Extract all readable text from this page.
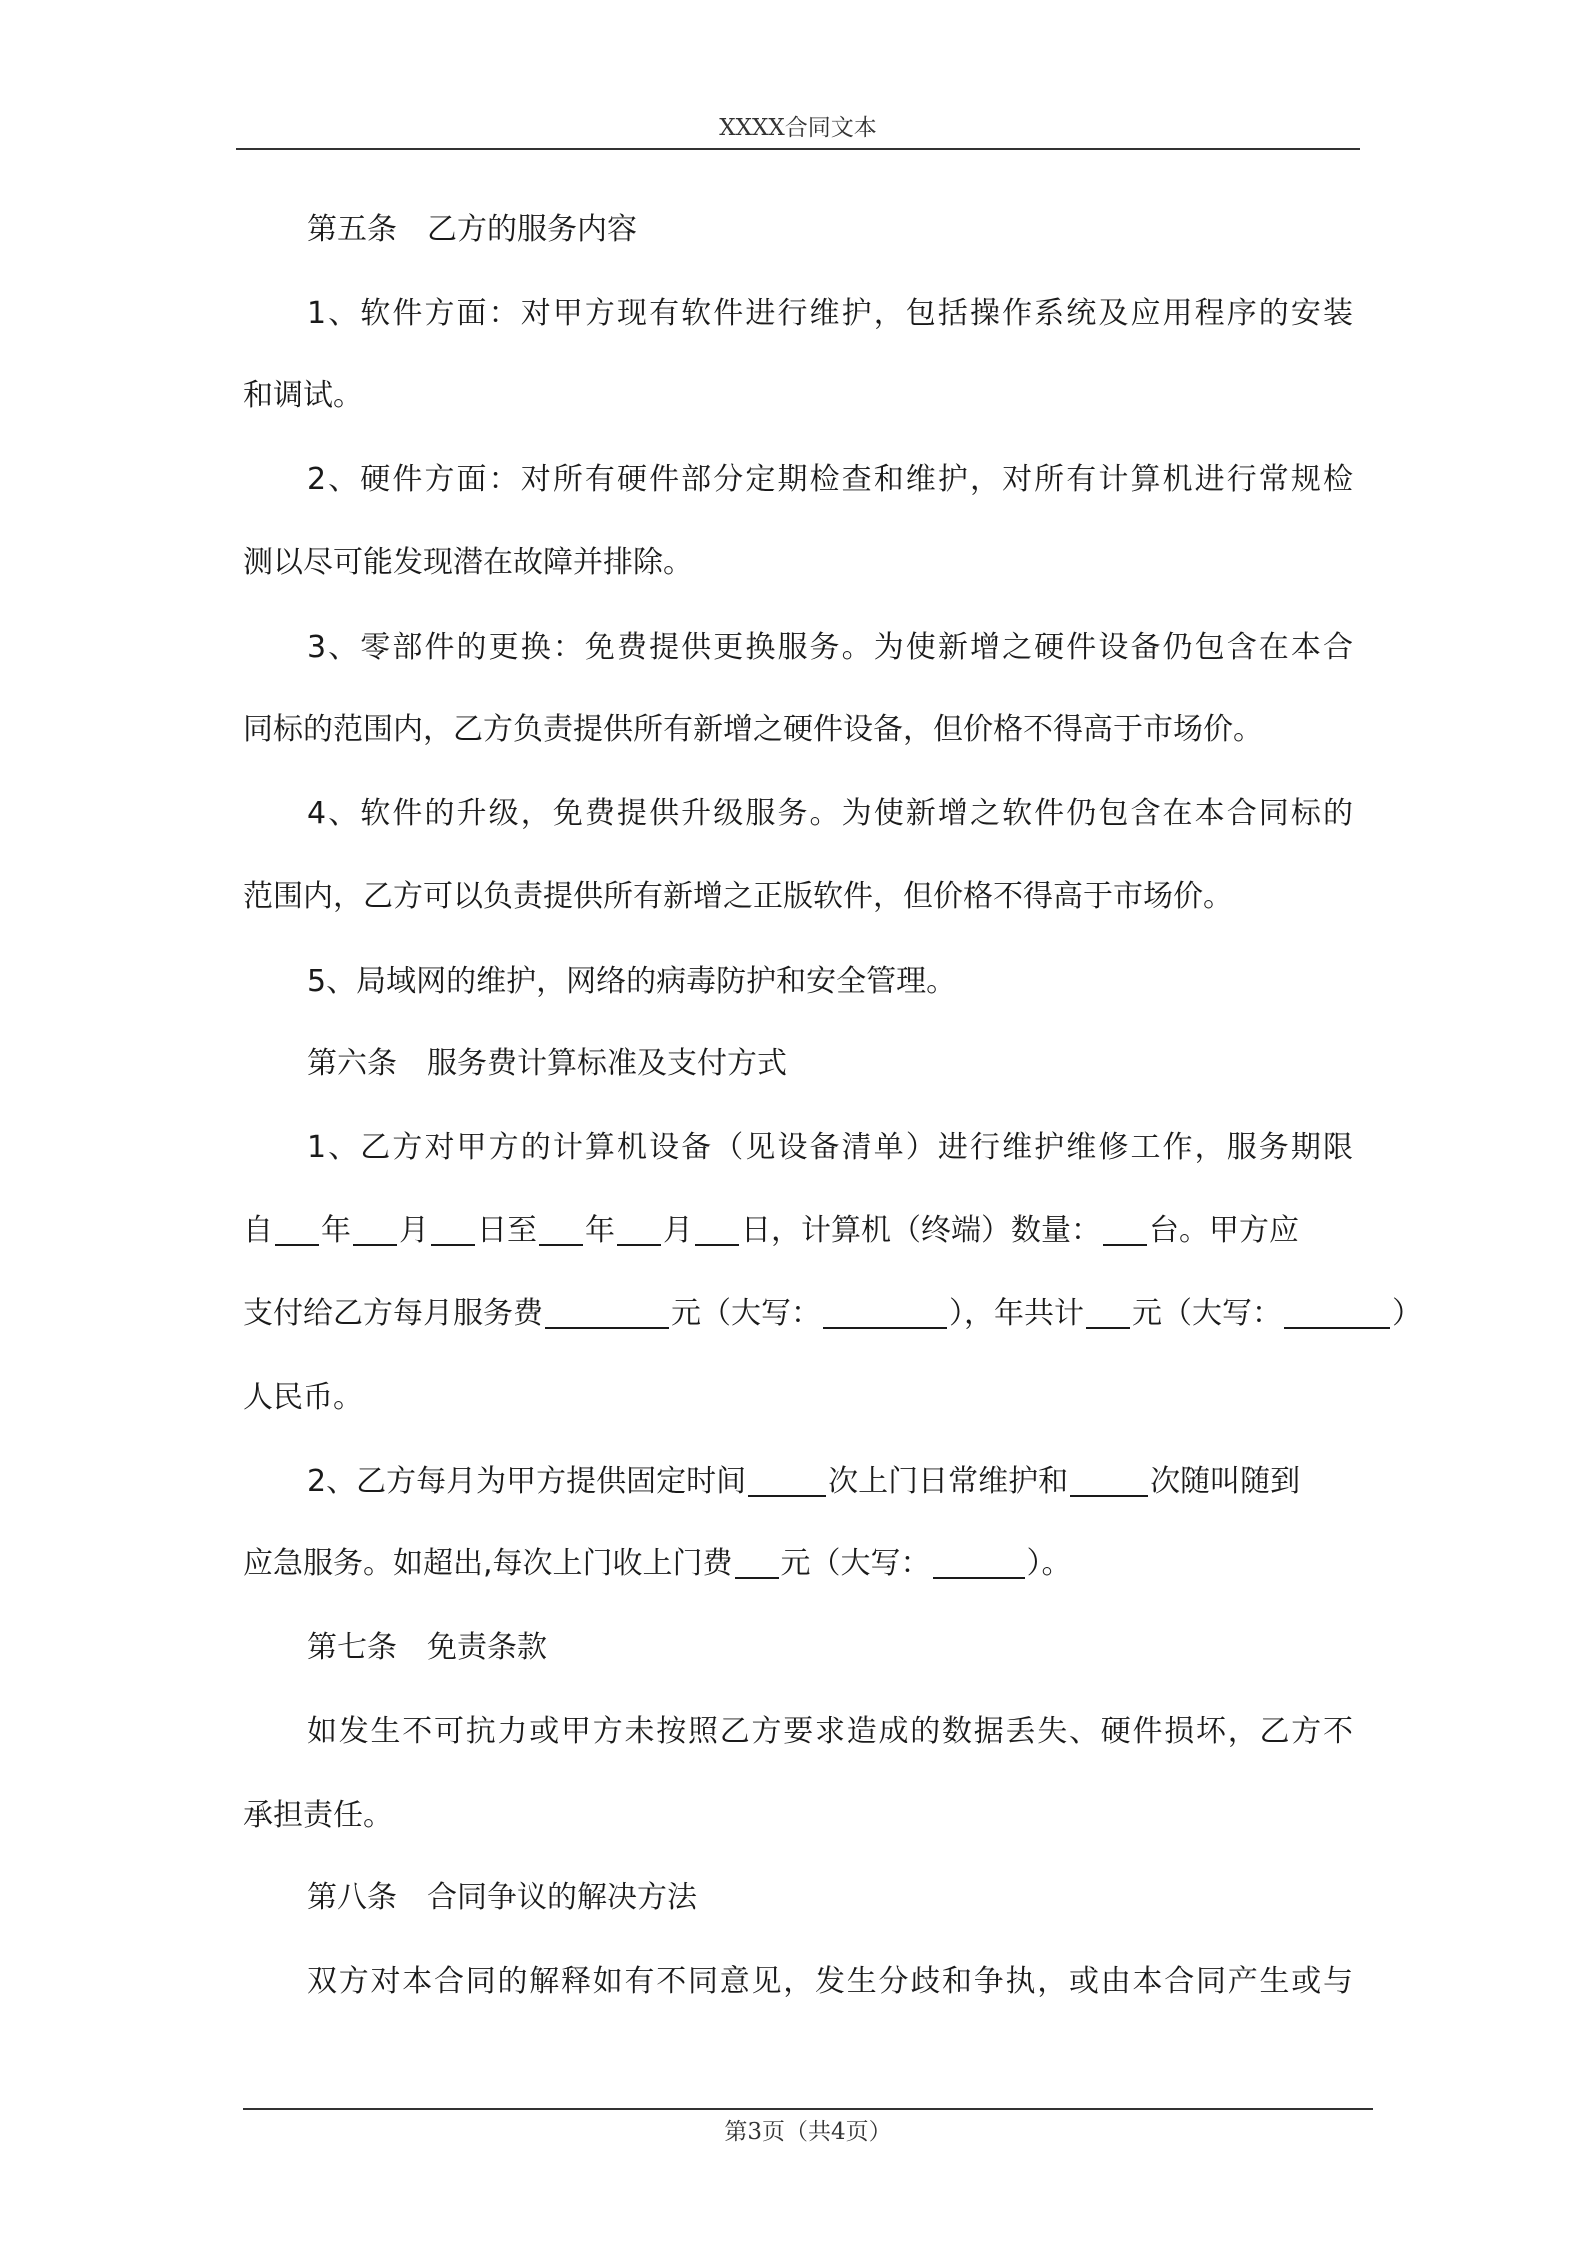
XXXX合同文本
第五条　乙方的服务内容
1、软件方面：对甲方现有软件进行维护，包括操作系统及应用程序的安装
和调试。
2、硬件方面：对所有硬件部分定期检查和维护，对所有计算机进行常规检
测以尽可能发现潜在故障并排除。
3、零部件的更换：免费提供更换服务。为使新增之硬件设备仍包含在本合
同标的范围内，乙方负责提供所有新增之硬件设备，但价格不得高于市场价。
4、软件的升级，免费提供升级服务。为使新增之软件仍包含在本合同标的
范围内，乙方可以负责提供所有新增之正版软件，但价格不得高于市场价。
5、局域网的维护，网络的病毒防护和安全管理。
第六条　服务费计算标准及支付方式
1、乙方对甲方的计算机设备（见设备清单）进行维护维修工作，服务期限
自 年 月 日至 年 月 日，计算机（终端）数量： 台。甲方应
支付给乙方每月服务费	元（大写：	），年共计 元（大写：	）
人民币。
2、乙方每月为甲方提供固定时间	次上门日常维护和	次随叫随到
应急服务。如超出,每次上门收上门费 元（大写：	）。
第七条　免责条款
如发生不可抗力或甲方未按照乙方要求造成的数据丢失、硬件损坏，乙方不
承担责任。
第八条　合同争议的解决方法
双方对本合同的解释如有不同意见，发生分歧和争执，或由本合同产生或与
第3页（共4页）
